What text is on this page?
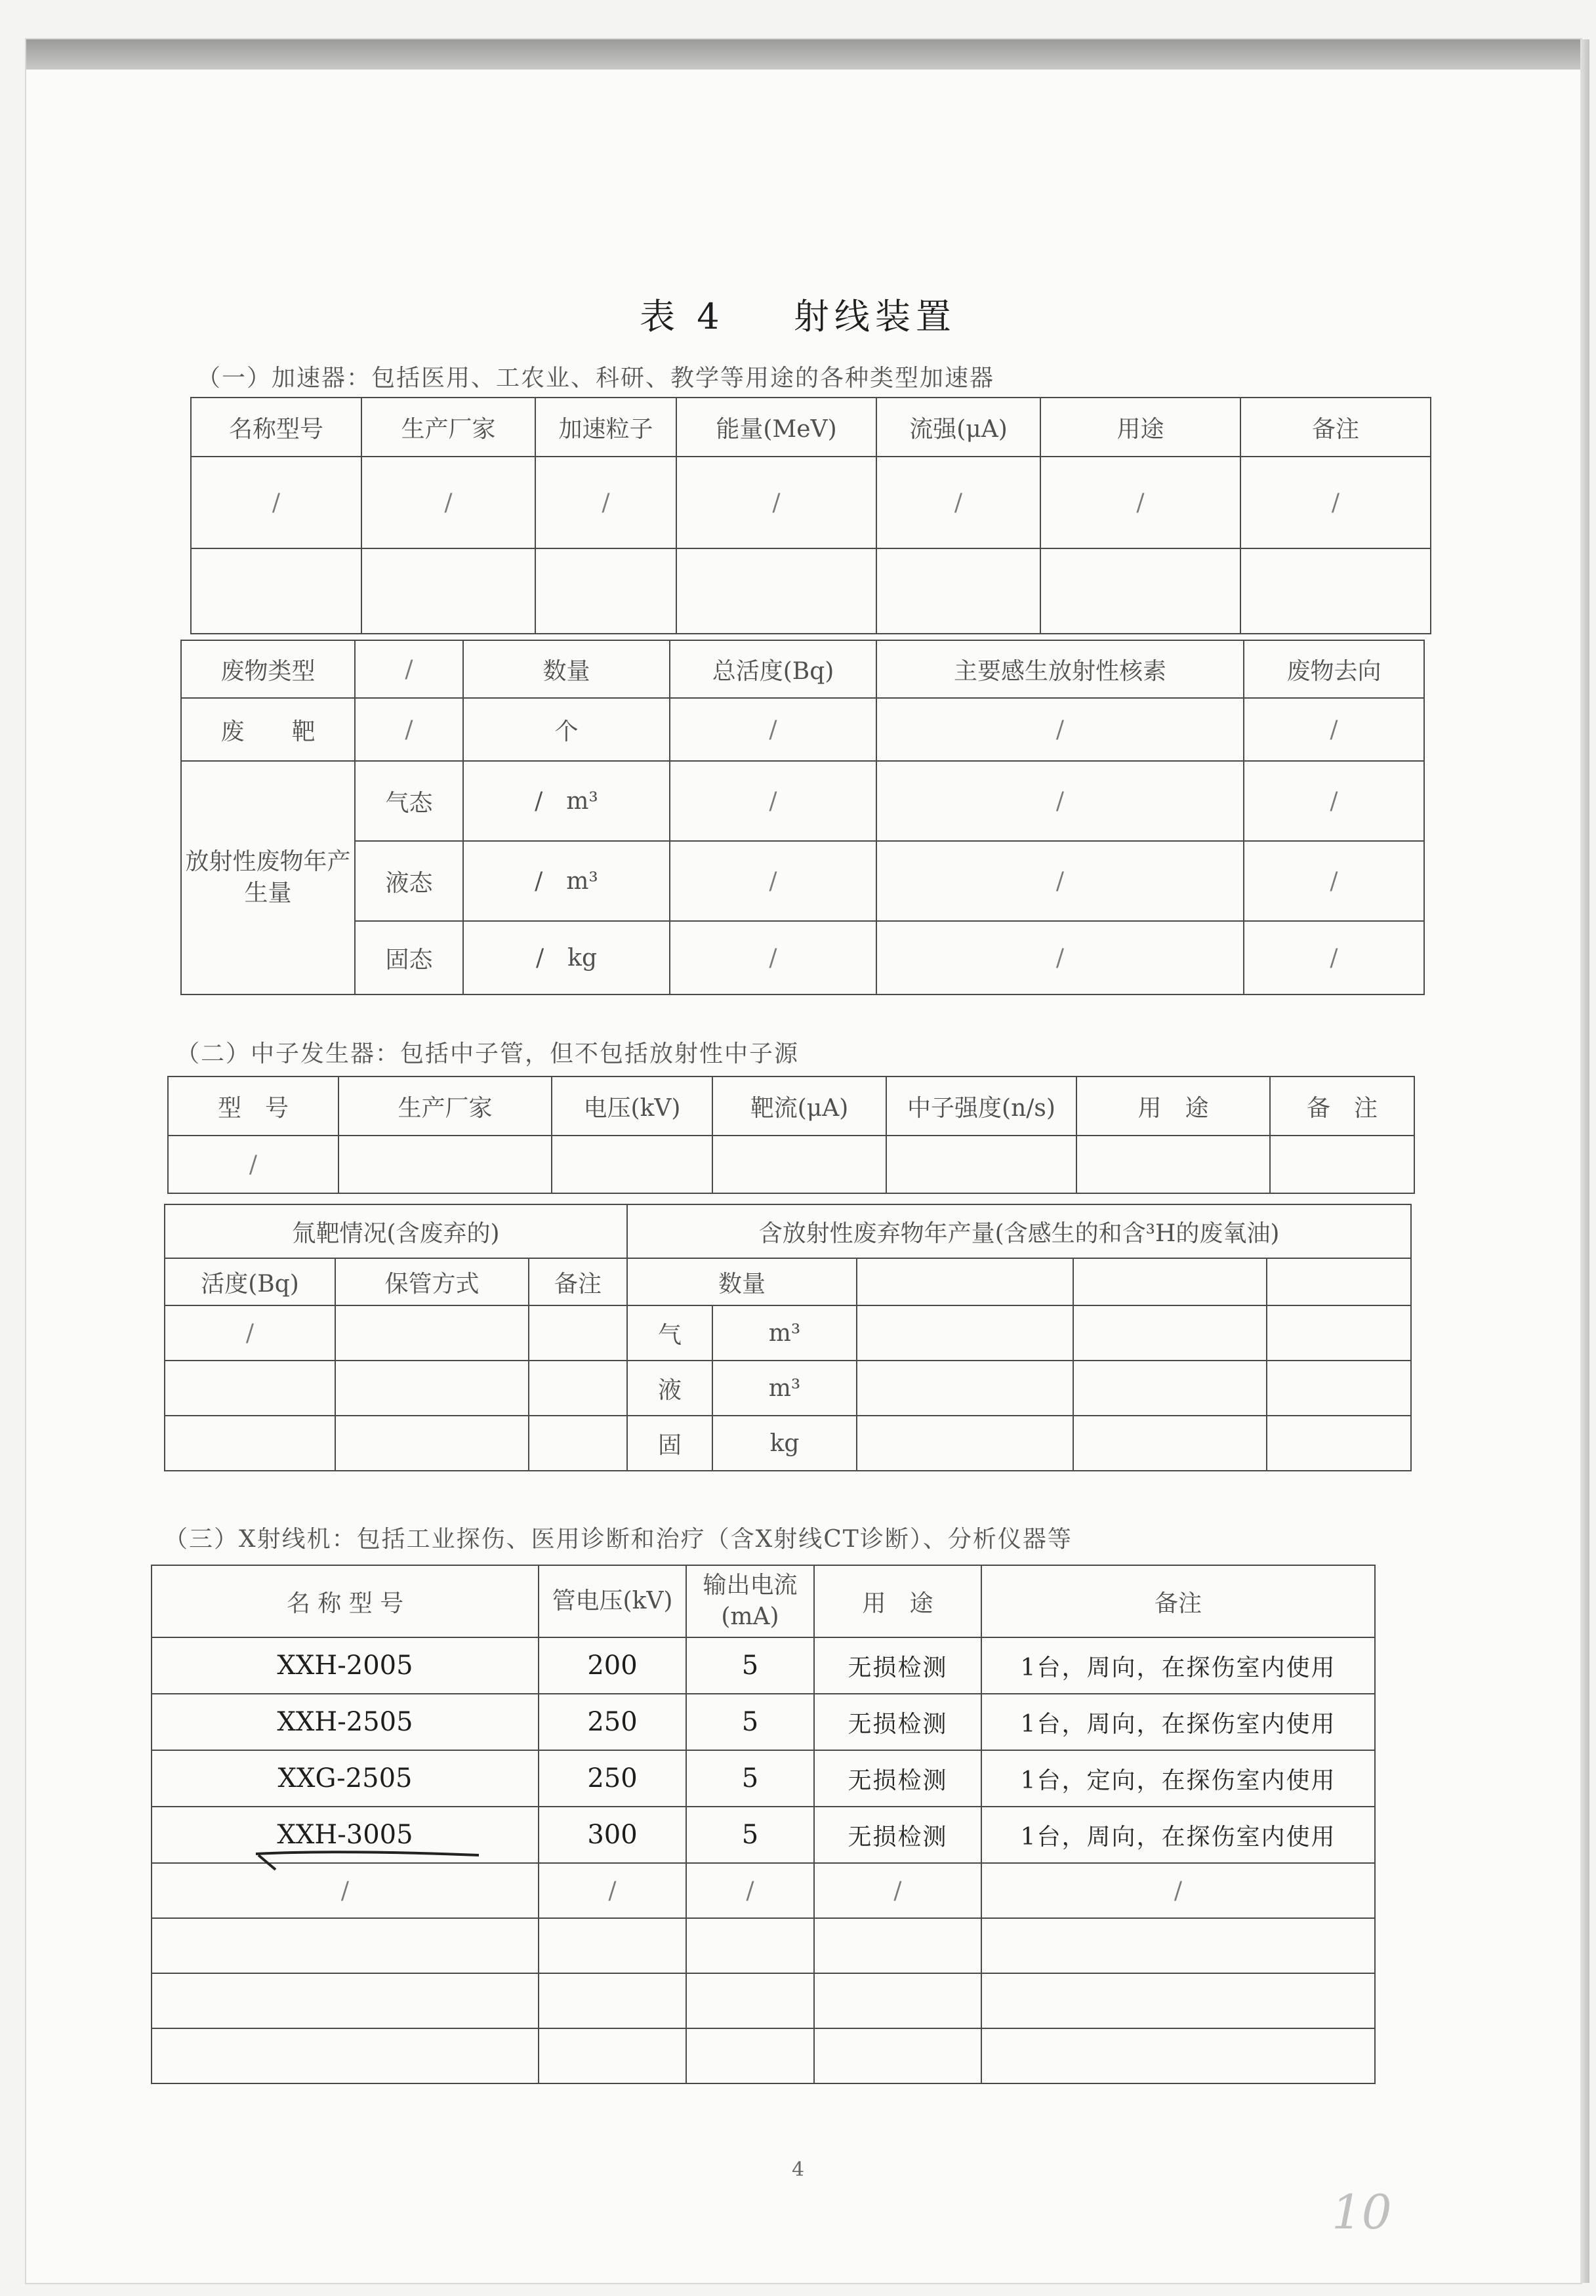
表 4 射线装置
（一）加速器：包括医用、工农业、科研、教学等用途的各种类型加速器
名称型号	生产厂家	加速粒子	能量(MeV)	流强(μA)	用途	备注
/	/	/	/	/	/	/

废物类型	/	数量	总活度(Bq)	主要感生放射性核素	废物去向
废　　靶	/	个	/	/	/
放射性废物年产生量	气态	/  m³	/	/	/
	液态	/  m³	/	/	/
	固态	/  kg	/	/	/
（二）中子发生器：包括中子管，但不包括放射性中子源
型　号	生产厂家	电压(kV)	靶流(μA)	中子强度(n/s)	用　途	备　注
/						
氚靶情况(含废弃的)			含放射性废弃物年产量(含感生的和含³H的废氧油)				
活度(Bq)	保管方式	备注	数量				
/			气	m³			
			液	m³			
			固	kg			
（三）X射线机：包括工业探伤、医用诊断和治疗（含X射线CT诊断）、分析仪器等
名 称 型 号	管电压(kV)	输出电流(mA)	用　途	备注
XXH-2005	200	5	无损检测	1台，周向，在探伤室内使用
XXH-2505	250	5	无损检测	1台，周向，在探伤室内使用
XXG-2505	250	5	无损检测	1台，定向，在探伤室内使用
XXH-3005	300	5	无损检测	1台，周向，在探伤室内使用
/	/	/	/	/

4
10
